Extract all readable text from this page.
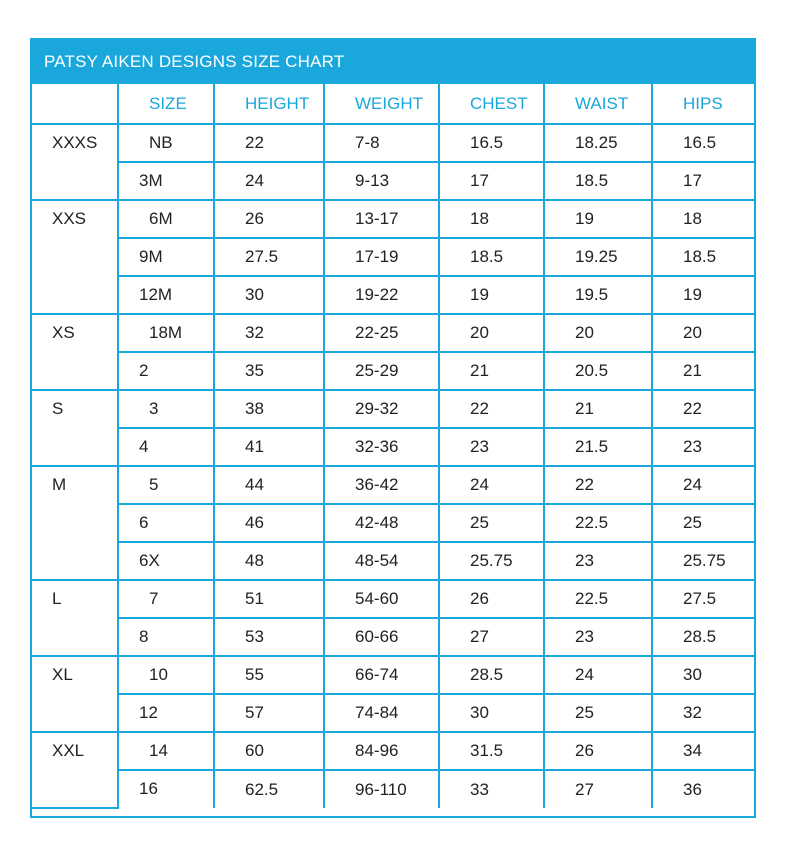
PATSY AIKEN DESIGNS SIZE CHART
	SIZE	HEIGHT	WEIGHT	CHEST	WAIST	HIPS
XXXS	NB	22	7-8	16.5	18.25	16.5
	3M	24	9-13	17	18.5	17
XXS	6M	26	13-17	18	19	18
	9M	27.5	17-19	18.5	19.25	18.5
	12M	30	19-22	19	19.5	19
XS	18M	32	22-25	20	20	20
	2	35	25-29	21	20.5	21
S	3	38	29-32	22	21	22
	4	41	32-36	23	21.5	23
M	5	44	36-42	24	22	24
	6	46	42-48	25	22.5	25
	6X	48	48-54	25.75	23	25.75
L	7	51	54-60	26	22.5	27.5
	8	53	60-66	27	23	28.5
XL	10	55	66-74	28.5	24	30
	12	57	74-84	30	25	32
XXL	14	60	84-96	31.5	26	34
	16	62.5	96-110	33	27	36
